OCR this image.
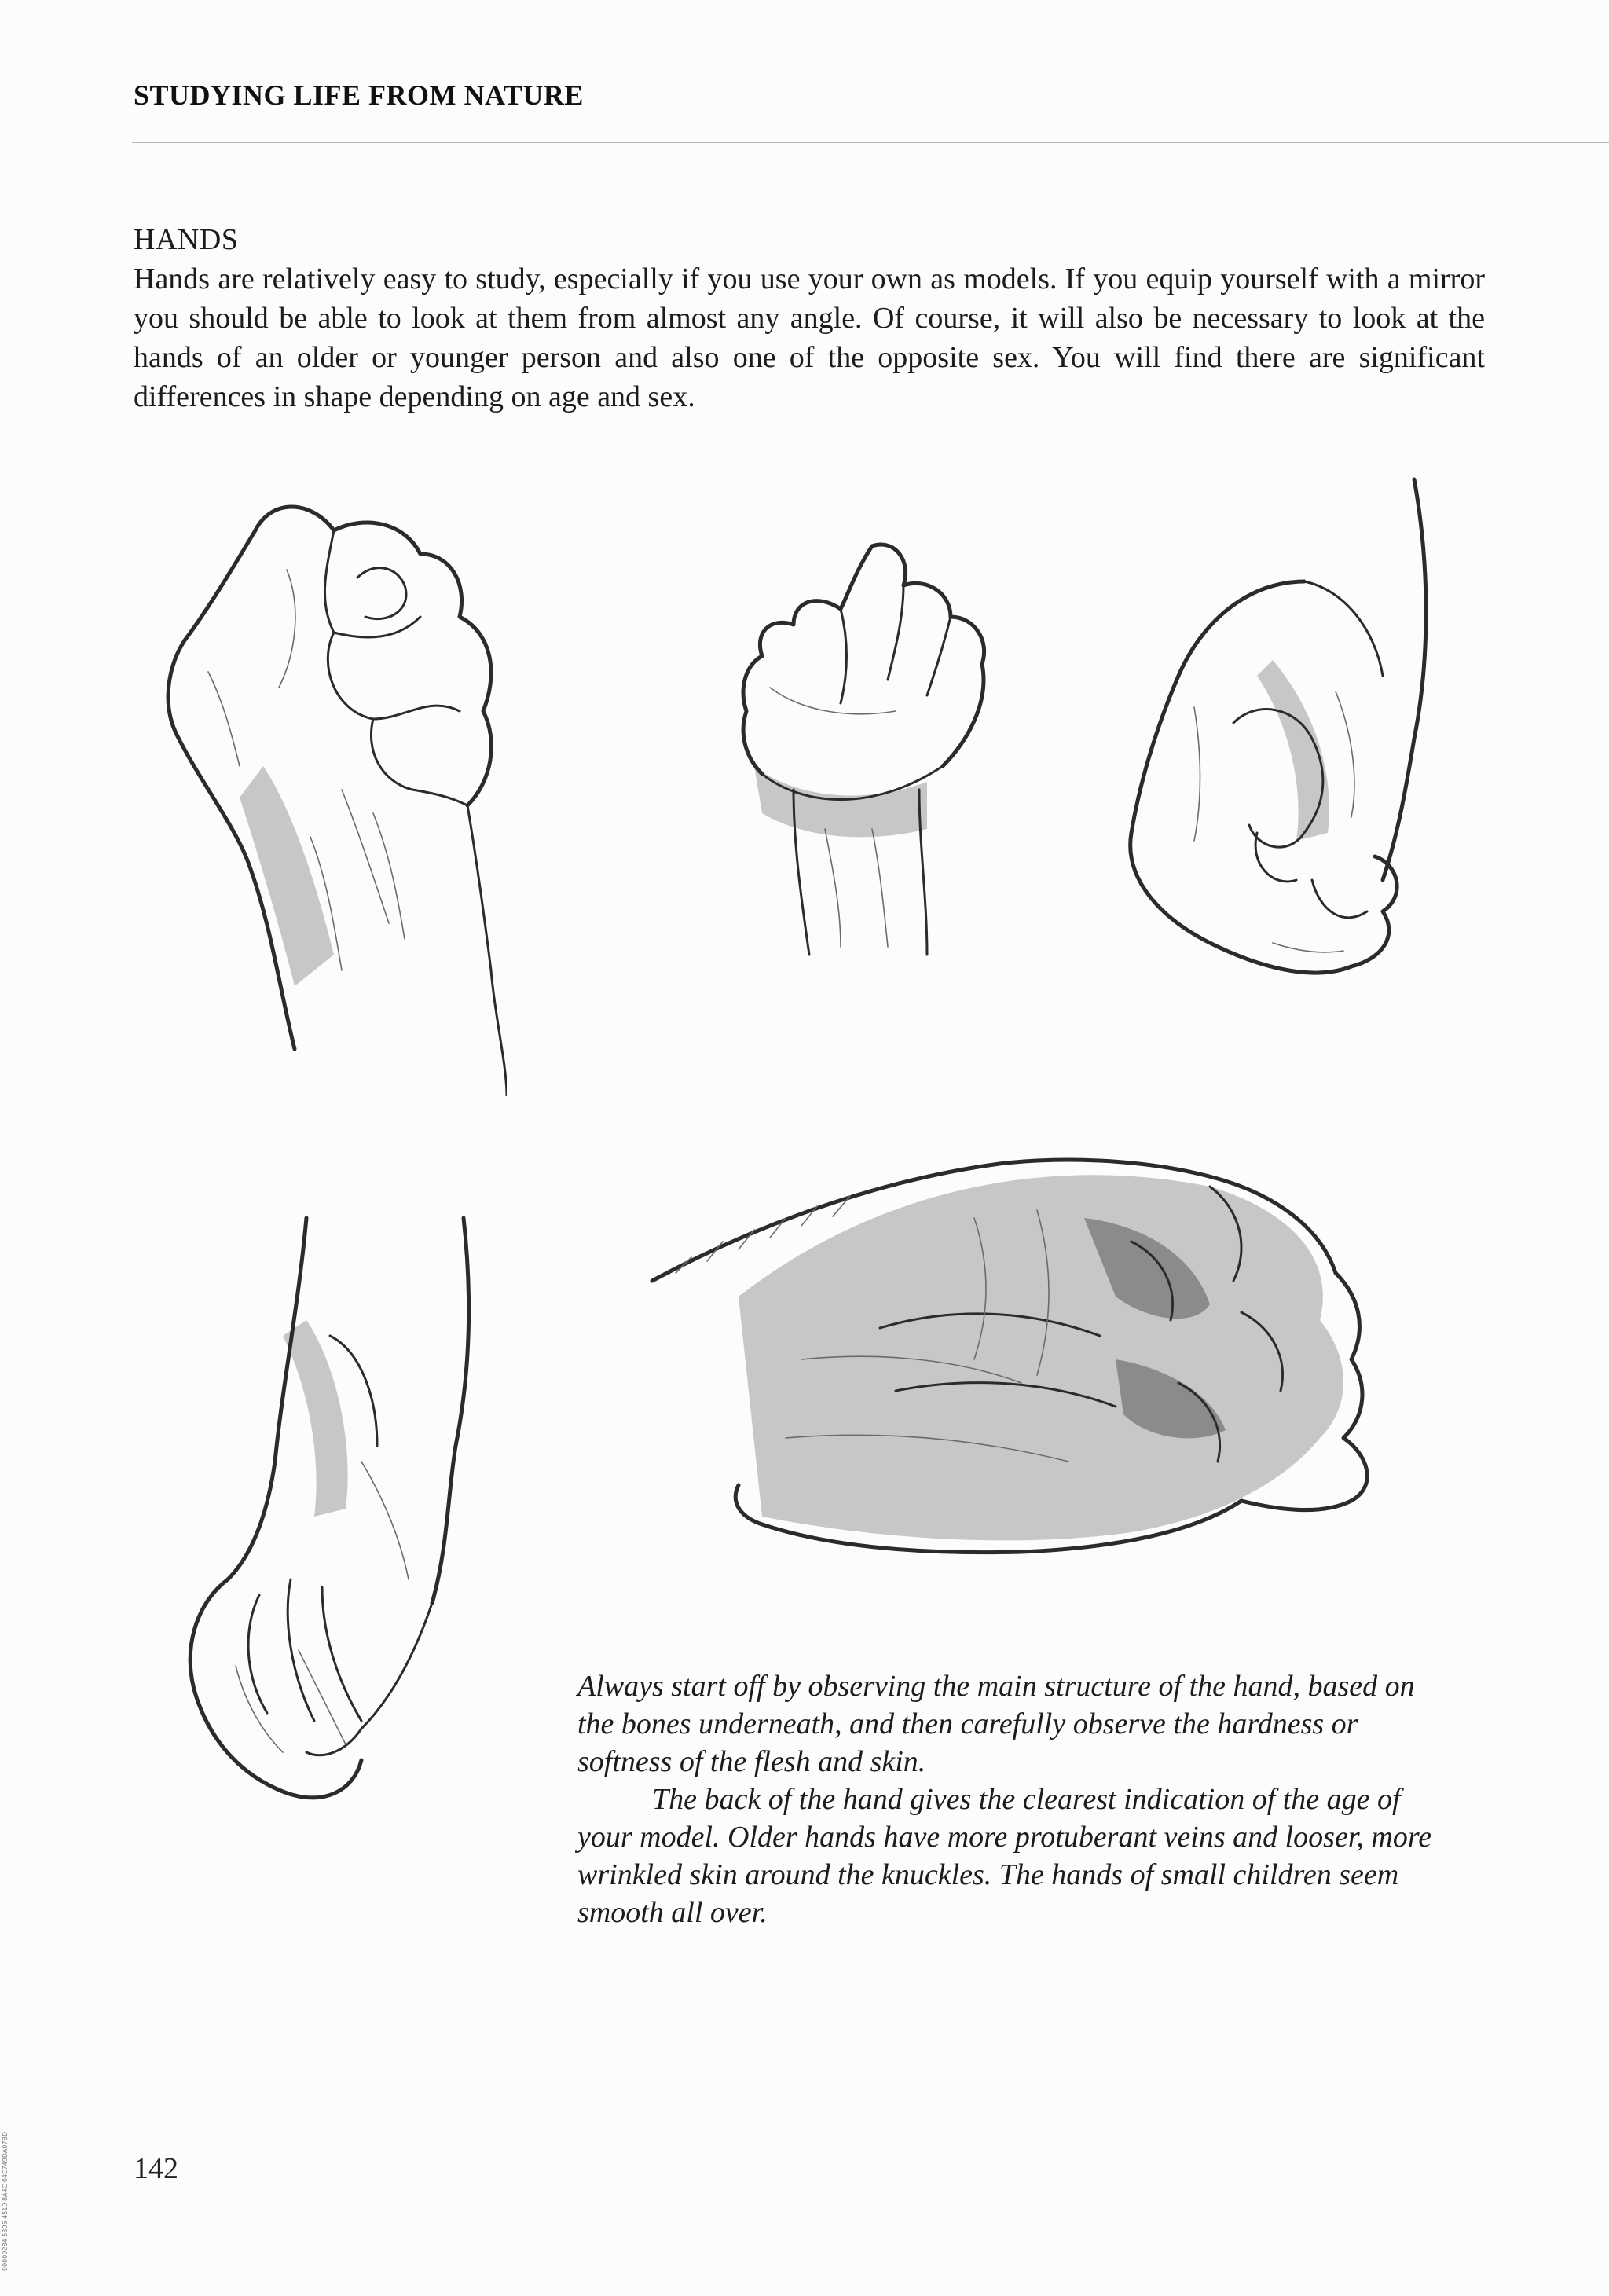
STUDYING LIFE FROM NATURE
HANDS
Hands are relatively easy to study, especially if you use your own as models. If you equip yourself with a mirror you should be able to look at them from almost any angle. Of course, it will also be necessary to look at the hands of an older or younger person and also one of the opposite sex. You will find there are significant differences in shape depending on age and sex.

Always start off by observing the main structure of the hand, based on the bones underneath, and then carefully observe the hardness or softness of the flesh and skin.

The back of the hand gives the clearest indication of the age of your model. Older hands have more protuberant veins and looser, more wrinkled skin around the knuckles. The hands of small children seem smooth all over.

142
00009284 5396 4510 8A4C 04C749DA07BD
